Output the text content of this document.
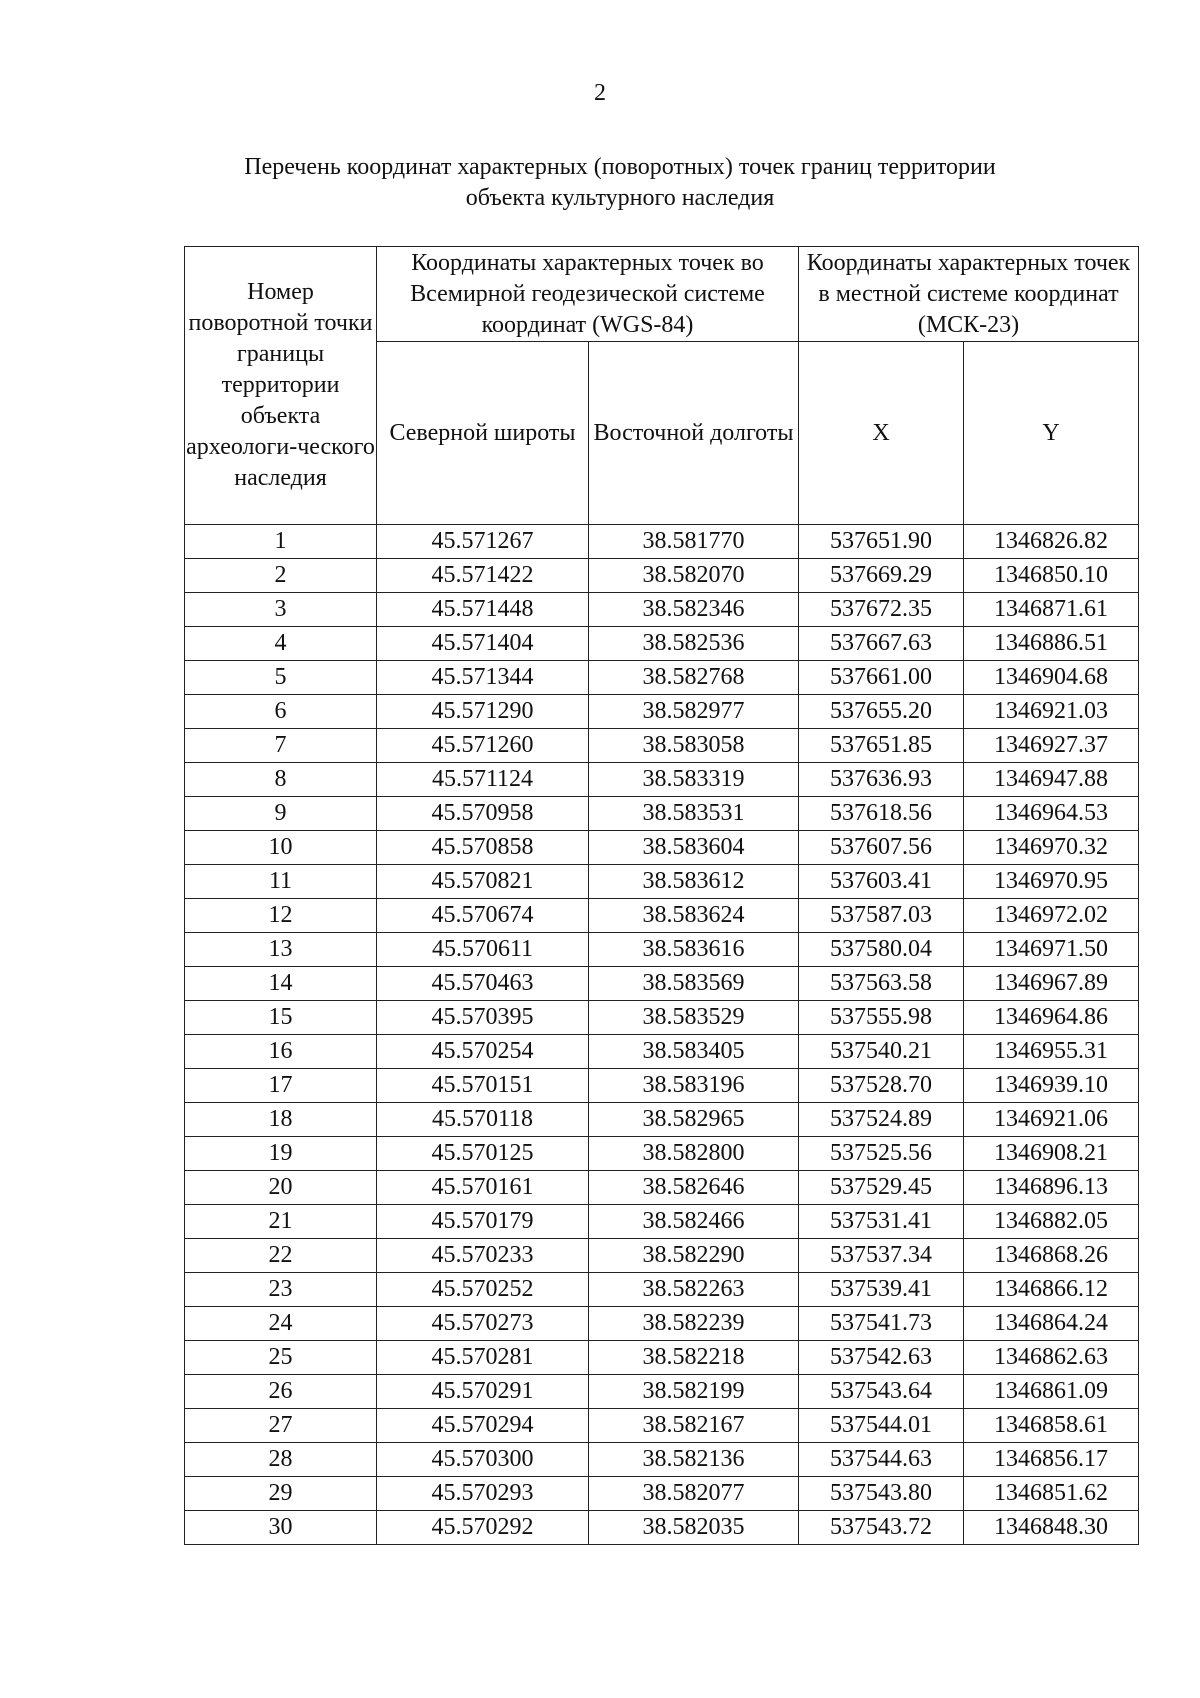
2
Перечень координат характерных (поворотных) точек границ территории
объекта культурного наследия
Номер поворотной точки границы территории объекта археологи-ческого наследия	Координаты характерных точек во Всемирной геодезической системе координат (WGS-84)		Координаты характерных точек в местной системе координат (МСК-23)	
	Северной широты	Восточной долготы	X	Y
1	45.571267	38.581770	537651.90	1346826.82
2	45.571422	38.582070	537669.29	1346850.10
3	45.571448	38.582346	537672.35	1346871.61
4	45.571404	38.582536	537667.63	1346886.51
5	45.571344	38.582768	537661.00	1346904.68
6	45.571290	38.582977	537655.20	1346921.03
7	45.571260	38.583058	537651.85	1346927.37
8	45.571124	38.583319	537636.93	1346947.88
9	45.570958	38.583531	537618.56	1346964.53
10	45.570858	38.583604	537607.56	1346970.32
11	45.570821	38.583612	537603.41	1346970.95
12	45.570674	38.583624	537587.03	1346972.02
13	45.570611	38.583616	537580.04	1346971.50
14	45.570463	38.583569	537563.58	1346967.89
15	45.570395	38.583529	537555.98	1346964.86
16	45.570254	38.583405	537540.21	1346955.31
17	45.570151	38.583196	537528.70	1346939.10
18	45.570118	38.582965	537524.89	1346921.06
19	45.570125	38.582800	537525.56	1346908.21
20	45.570161	38.582646	537529.45	1346896.13
21	45.570179	38.582466	537531.41	1346882.05
22	45.570233	38.582290	537537.34	1346868.26
23	45.570252	38.582263	537539.41	1346866.12
24	45.570273	38.582239	537541.73	1346864.24
25	45.570281	38.582218	537542.63	1346862.63
26	45.570291	38.582199	537543.64	1346861.09
27	45.570294	38.582167	537544.01	1346858.61
28	45.570300	38.582136	537544.63	1346856.17
29	45.570293	38.582077	537543.80	1346851.62
30	45.570292	38.582035	537543.72	1346848.30
